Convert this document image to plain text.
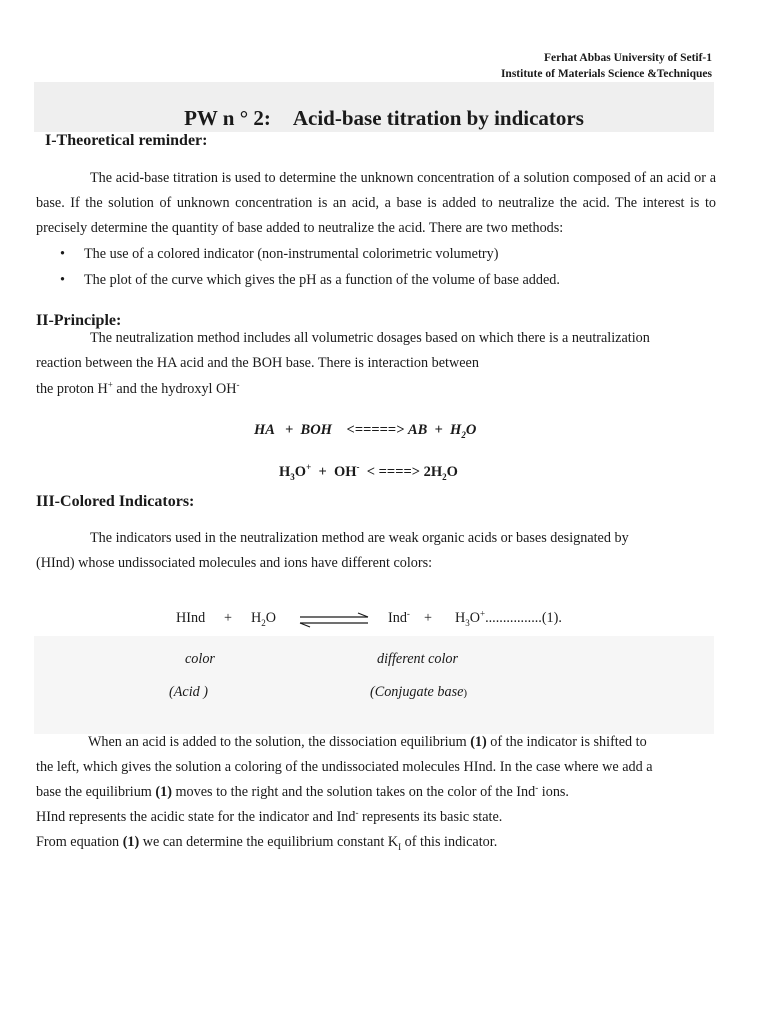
Ferhat Abbas University of Setif-1
Institute of Materials Science &Techniques
PW n ° 2: Acid-base titration by indicators
I-Theoretical reminder:
The acid-base titration is used to determine the unknown concentration of a solution composed of an acid or a base. If the solution of unknown concentration is an acid, a base is added to neutralize the acid. The interest is to precisely determine the quantity of base added to neutralize the acid. There are two methods:
• The use of a colored indicator (non-instrumental colorimetric volumetry)
• The plot of the curve which gives the pH as a function of the volume of base added.
II-Principle:
The neutralization method includes all volumetric dosages based on which there is a neutralization
reaction between the HA acid and the BOH base. There is interaction between
the proton H+ and the hydroxyl OH-
HA   +  BOH <=====> AB  +  $H_2O$
$H_3O^+ + OH^-$  < ====> $2H_2O$
III-Colored Indicators:
The indicators used in the neutralization method are weak organic acids or bases designated by
(HInd) whose undissociated molecules and ions have different colors:
HInd + $H_2O$	$Ind^- + H_3O^+................(1)$.
color	different color
(Acid )	(Conjugate base)
When an acid is added to the solution, the dissociation equilibrium (1) of the indicator is shifted to
the left, which gives the solution a coloring of the undissociated molecules HInd. In the case where we add a
base the equilibrium (1) moves to the right and the solution takes on the color of the Ind- ions.
HInd represents the acidic state for the indicator and Ind- represents its basic state.
From equation (1) we can determine the equilibrium constant $K_I$ of this indicator.
